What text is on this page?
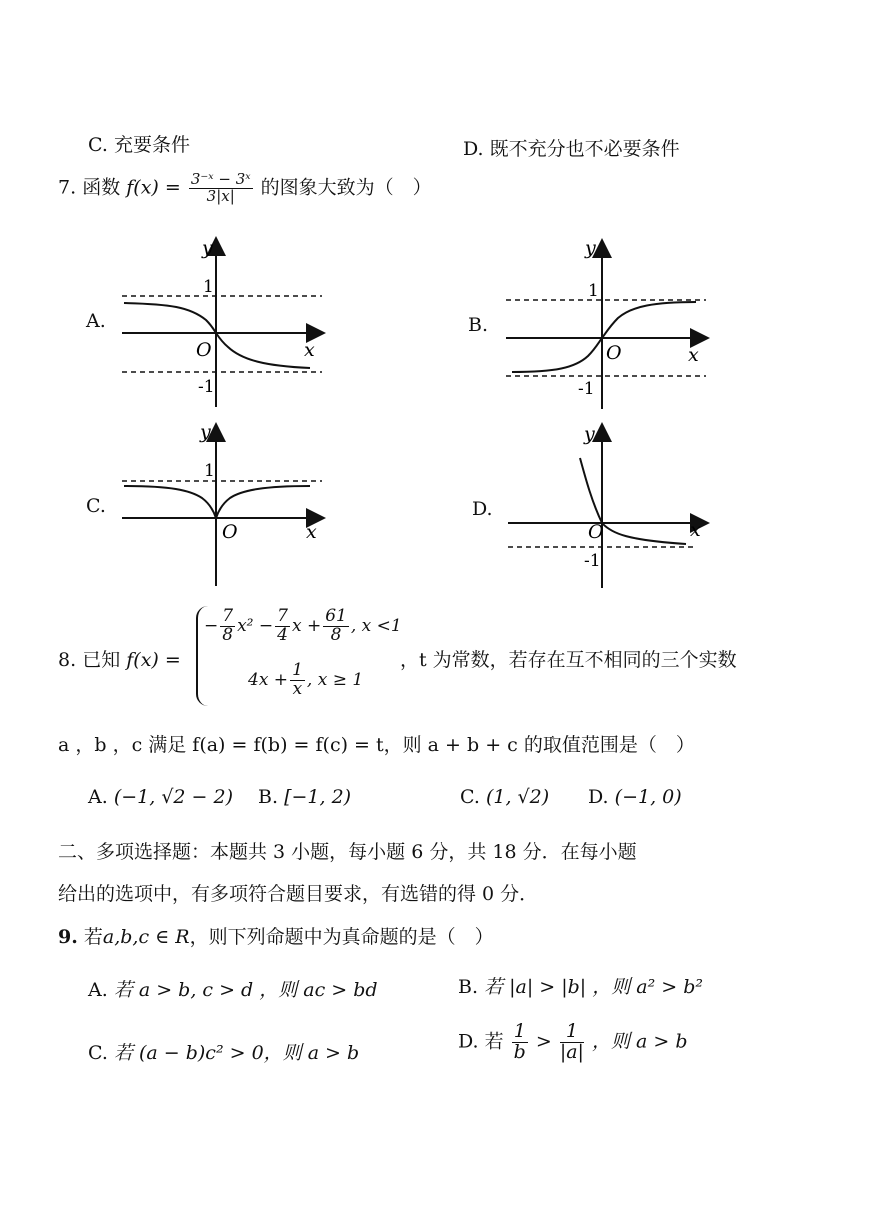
C. 充要条件	D. 既不充分也不必要条件
7. 函数 $f(x) = \frac{\text{3⁻ˣ − 3ˣ}}{3|x|}$ 的图象大致为（　）
A.
y
x
O
1
-1
B.
y
x
O
1
-1
C.
y
x
O
1
D.
y
x
O
-1
8. 已知 f(x) =
− $\frac{7}{8} x^2 - \frac{7}{4}$ $x + \frac{61}{8}$ , x <1
$4x + \frac{1}{x}$ , x ≥ 1
，t 为常数，若存在互不相同的三个实数
a ，b ，c 满足 f(a) = f(b) = f(c) = t，则 a + b + c 的取值范围是（　）
A. (−1, √2 − 2) B. [−1, 2)	C. (1, √2) D. (−1, 0)
二、多项选择题：本题共 3 小题，每小题 6 分，共 18 分．在每小题
给出的选项中，有多项符合题目要求，有选错的得 0 分．
9. 若a,b,c ∈ R，则下列命题中为真命题的是（　）
A. 若 a > b, c > d ，则 ac > bd	B. 若 |a| > |b| ，则 a² > b²
C. 若 (a − b)c² > 0，则 a > b
D. 若 $\frac{1}{b} > \frac{1}{|a|}$ ，则 a > b
